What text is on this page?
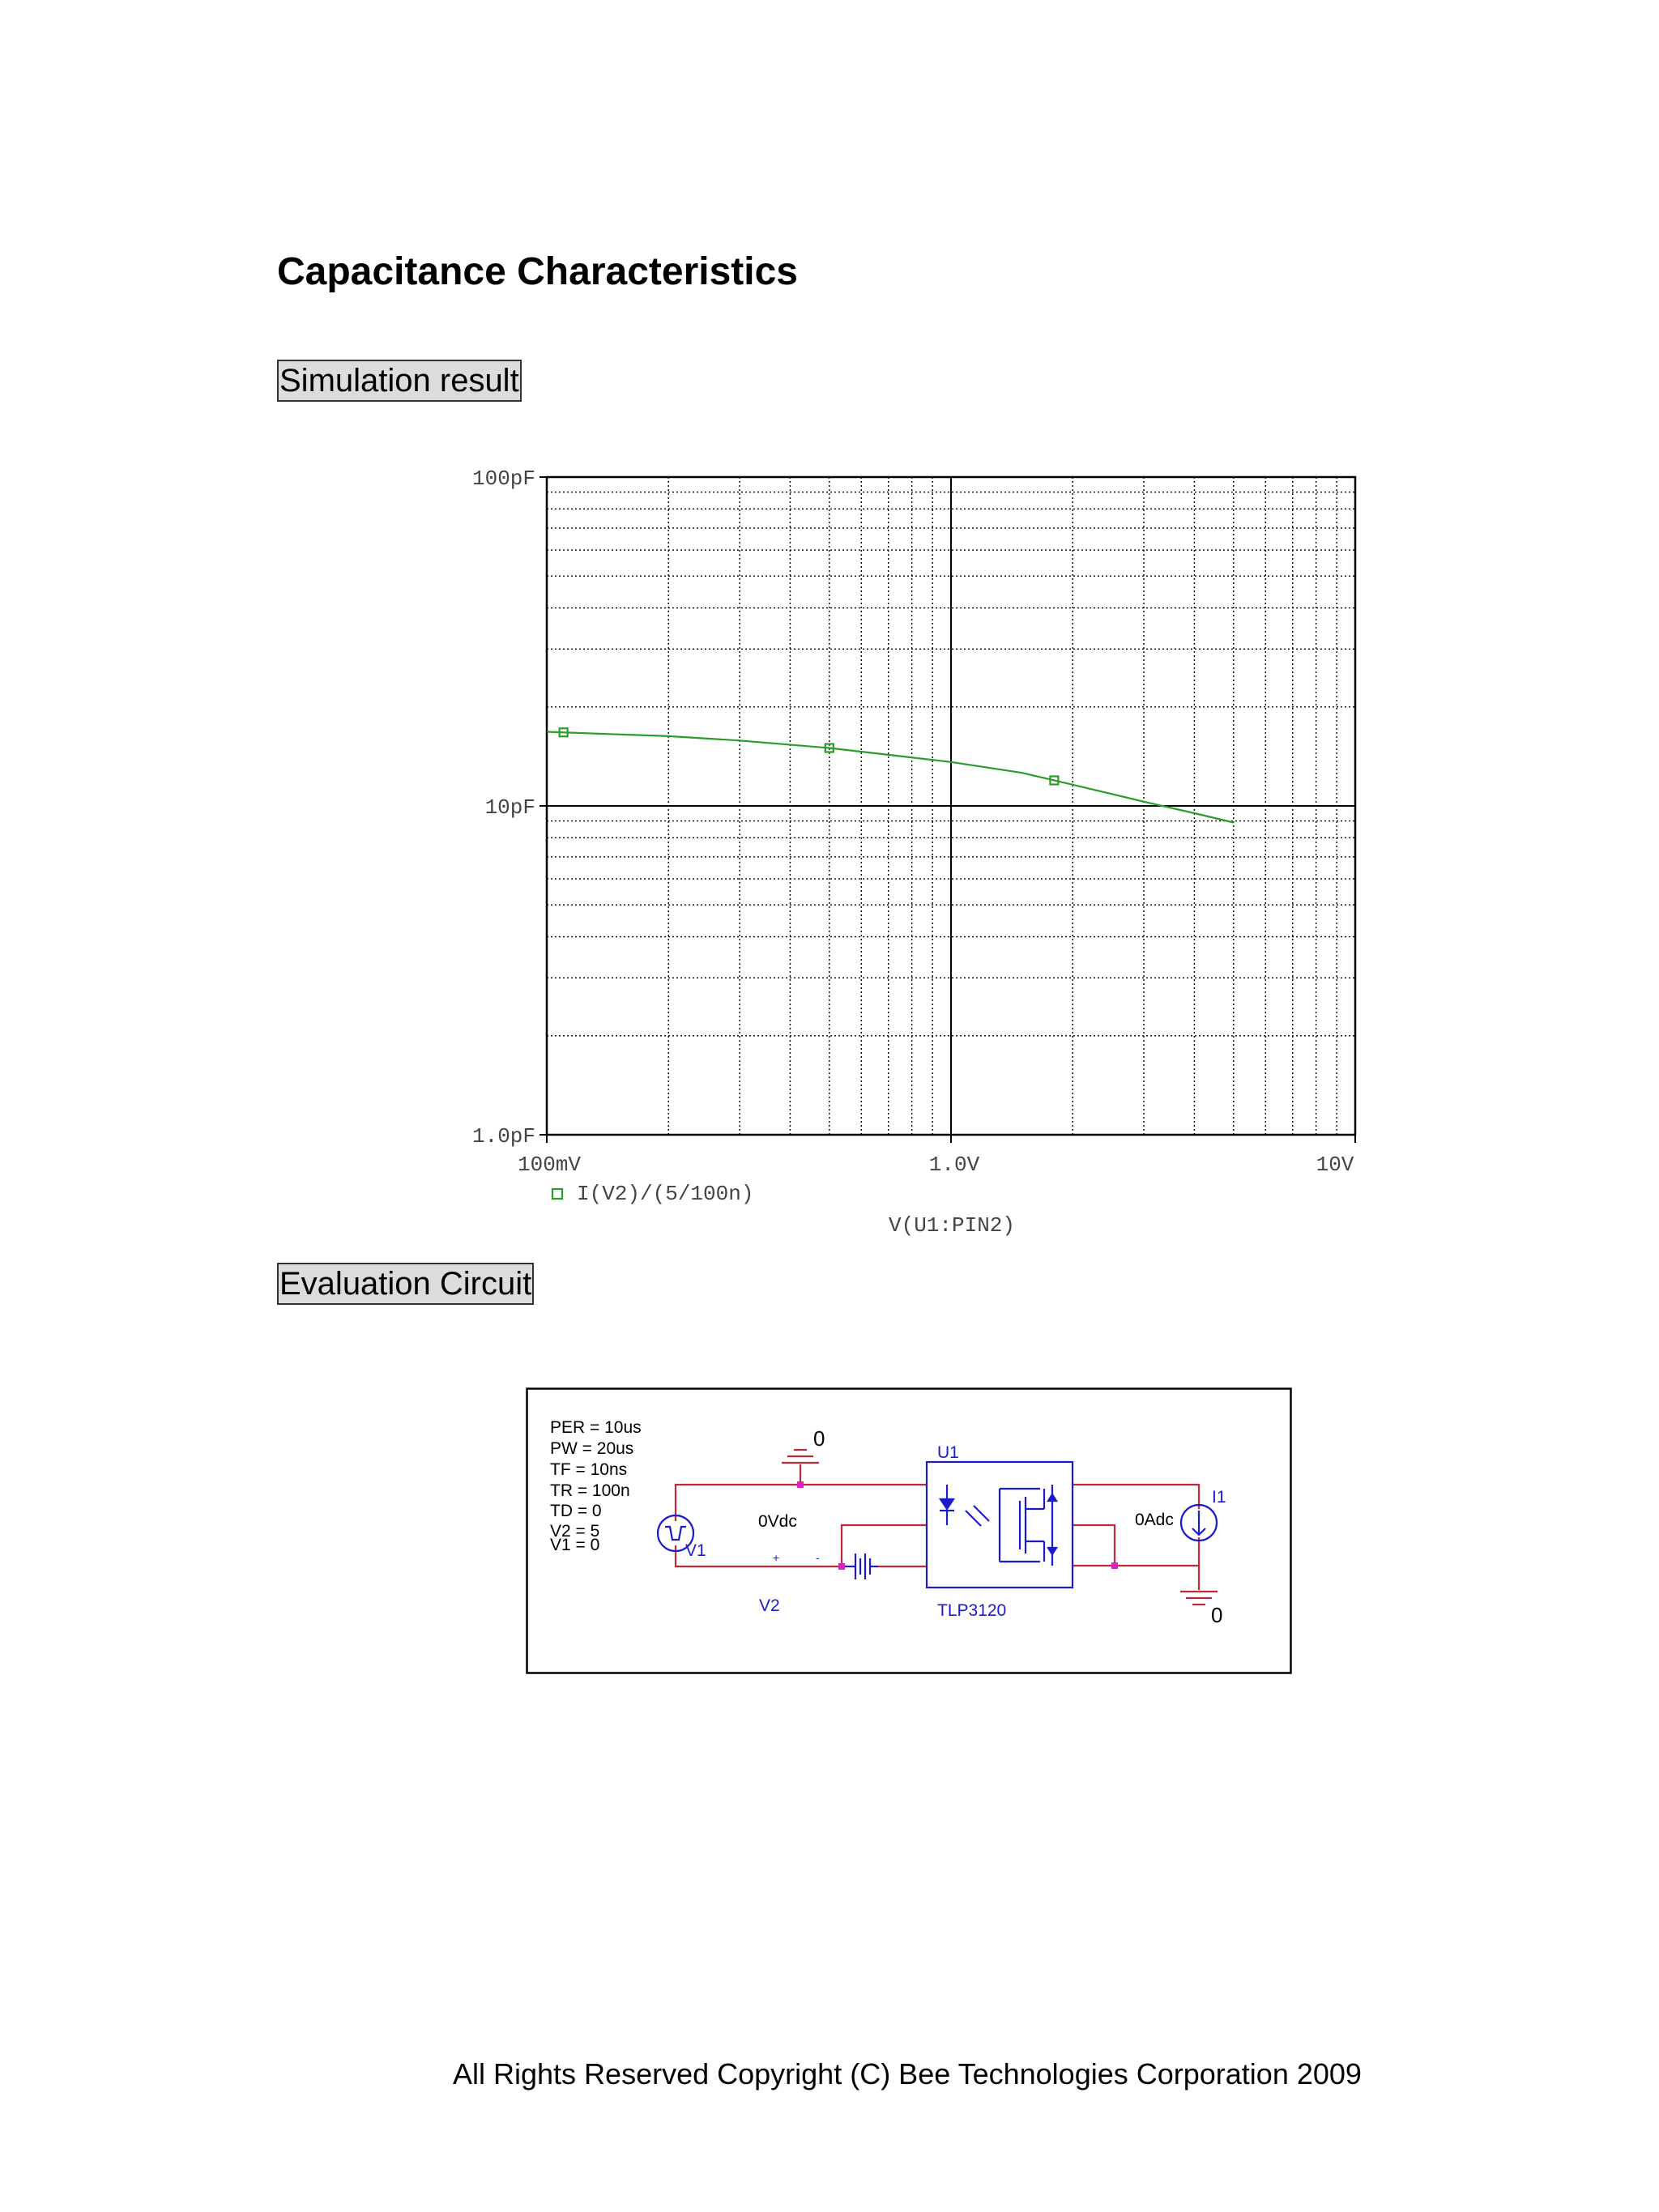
Capacitance Characteristics
Simulation result
100pF
10pF
1.0pF
100mV	1.0V	10V
I(V2)/(5/100n)
V(U1:PIN2)
Evaluation Circuit
PER = 10us
PW = 20us
TF = 10ns
TR = 100n
TD = 0
V2 = 5
V1 = 0
0
0
V1	+	-
0Vdc
V2
U1
TLP3120
I1
0Adc
All Rights Reserved Copyright (C) Bee Technologies Corporation 2009
